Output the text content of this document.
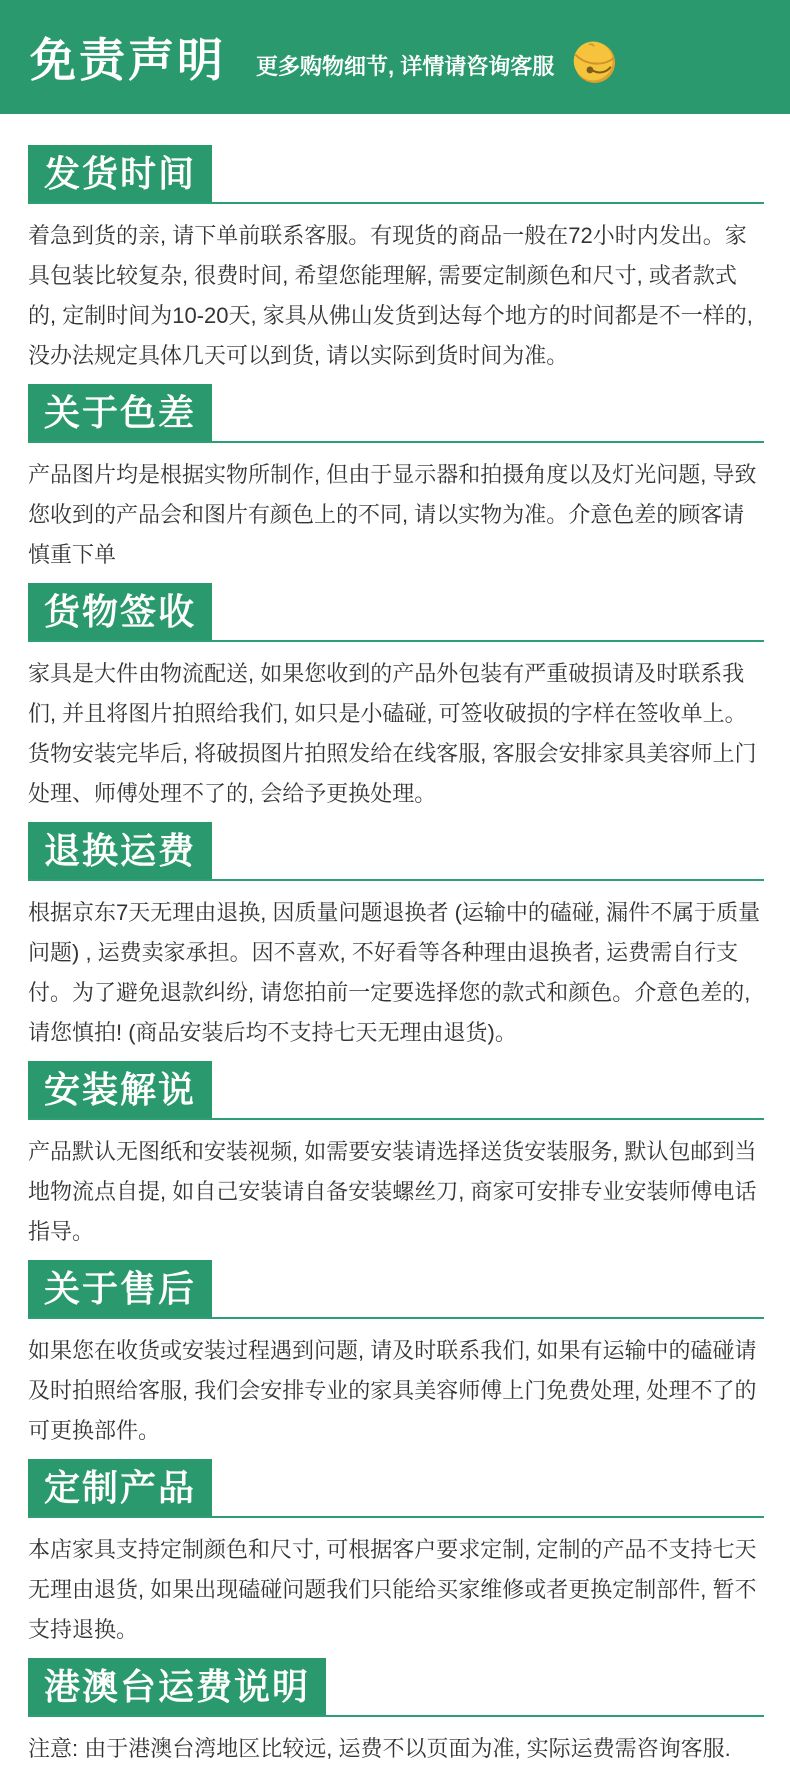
免责声明 更多购物细节, 详情请咨询客服
发货时间

着急到货的亲, 请下单前联系客服。有现货的商品一般在72小时内发出。家具包装比较复杂, 很费时间, 希望您能理解, 需要定制颜色和尺寸, 或者款式的, 定制时间为10-20天, 家具从佛山发货到达每个地方的时间都是不一样的, 没办法规定具体几天可以到货, 请以实际到货时间为准。

关于色差

产品图片均是根据实物所制作, 但由于显示器和拍摄角度以及灯光问题, 导致您收到的产品会和图片有颜色上的不同, 请以实物为准。介意色差的顾客请慎重下单

货物签收

家具是大件由物流配送, 如果您收到的产品外包装有严重破损请及时联系我们, 并且将图片拍照给我们, 如只是小磕碰, 可签收破损的字样在签收单上。货物安装完毕后, 将破损图片拍照发给在线客服, 客服会安排家具美容师上门处理、师傅处理不了的, 会给予更换处理。

退换运费

根据京东7天无理由退换, 因质量问题退换者 (运输中的磕碰, 漏件不属于质量问题) , 运费卖家承担。因不喜欢, 不好看等各种理由退换者, 运费需自行支付。为了避免退款纠纷, 请您拍前一定要选择您的款式和颜色。介意色差的, 请您慎拍! (商品安装后均不支持七天无理由退货)。

安装解说

产品默认无图纸和安装视频, 如需要安装请选择送货安装服务, 默认包邮到当地物流点自提, 如自己安装请自备安装螺丝刀, 商家可安排专业安装师傅电话指导。

关于售后

如果您在收货或安装过程遇到问题, 请及时联系我们, 如果有运输中的磕碰请及时拍照给客服, 我们会安排专业的家具美容师傅上门免费处理, 处理不了的可更换部件。

定制产品

本店家具支持定制颜色和尺寸, 可根据客户要求定制, 定制的产品不支持七天无理由退货, 如果出现磕碰问题我们只能给买家维修或者更换定制部件, 暂不支持退换。

港澳台运费说明

注意: 由于港澳台湾地区比较远, 运费不以页面为准, 实际运费需咨询客服.
